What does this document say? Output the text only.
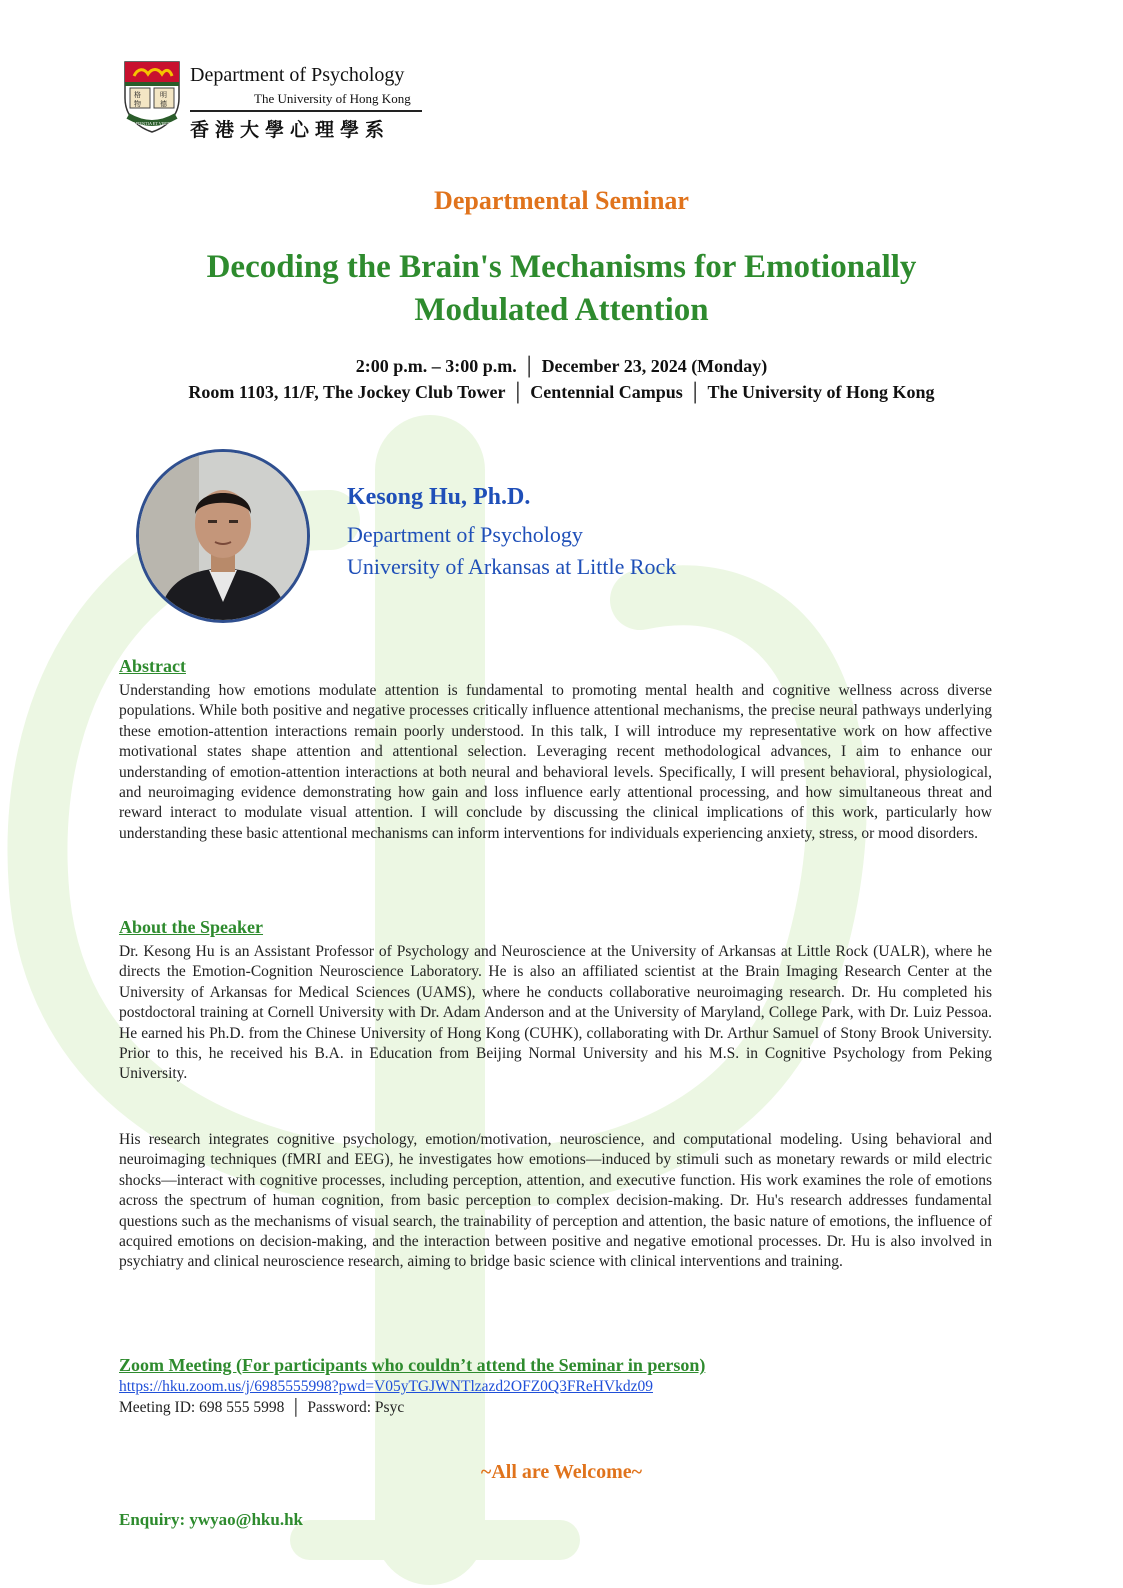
格	明
物	德
SAPIENTIA ET VIRTUS
Department of Psychology
The University of Hong Kong
香港大學心理學系
Departmental Seminar
Decoding the Brain's Mechanisms for Emotionally Modulated Attention
2:00 p.m. – 3:00 p.m. │ December 23, 2024 (Monday)
Room 1103, 11/F, The Jockey Club Tower │ Centennial Campus │ The University of Hong Kong
Kesong Hu, Ph.D.
Department of Psychology
University of Arkansas at Little Rock
Abstract
Understanding how emotions modulate attention is fundamental to promoting mental health and cognitive wellness across diverse populations. While both positive and negative processes critically influence attentional mechanisms, the precise neural pathways underlying these emotion-attention interactions remain poorly understood. In this talk, I will introduce my representative work on how affective motivational states shape attention and attentional selection. Leveraging recent methodological advances, I aim to enhance our understanding of emotion-attention interactions at both neural and behavioral levels. Specifically, I will present behavioral, physiological, and neuroimaging evidence demonstrating how gain and loss influence early attentional processing, and how simultaneous threat and reward interact to modulate visual attention. I will conclude by discussing the clinical implications of this work, particularly how understanding these basic attentional mechanisms can inform interventions for individuals experiencing anxiety, stress, or mood disorders.
About the Speaker
Dr. Kesong Hu is an Assistant Professor of Psychology and Neuroscience at the University of Arkansas at Little Rock (UALR), where he directs the Emotion-Cognition Neuroscience Laboratory. He is also an affiliated scientist at the Brain Imaging Research Center at the University of Arkansas for Medical Sciences (UAMS), where he conducts collaborative neuroimaging research. Dr. Hu completed his postdoctoral training at Cornell University with Dr. Adam Anderson and at the University of Maryland, College Park, with Dr. Luiz Pessoa. He earned his Ph.D. from the Chinese University of Hong Kong (CUHK), collaborating with Dr. Arthur Samuel of Stony Brook University. Prior to this, he received his B.A. in Education from Beijing Normal University and his M.S. in Cognitive Psychology from Peking University.
His research integrates cognitive psychology, emotion/motivation, neuroscience, and computational modeling. Using behavioral and neuroimaging techniques (fMRI and EEG), he investigates how emotions—induced by stimuli such as monetary rewards or mild electric shocks—interact with cognitive processes, including perception, attention, and executive function. His work examines the role of emotions across the spectrum of human cognition, from basic perception to complex decision-making. Dr. Hu's research addresses fundamental questions such as the mechanisms of visual search, the trainability of perception and attention, the basic nature of emotions, the influence of acquired emotions on decision-making, and the interaction between positive and negative emotional processes. Dr. Hu is also involved in psychiatry and clinical neuroscience research, aiming to bridge basic science with clinical interventions and training.
Zoom Meeting (For participants who couldn’t attend the Seminar in person)
https://hku.zoom.us/j/6985555998?pwd=V05yTGJWNTlzazd2OFZ0Q3FReHVkdz09
Meeting ID: 698 555 5998 │ Password: Psyc
~All are Welcome~
Enquiry: ywyao@hku.hk
